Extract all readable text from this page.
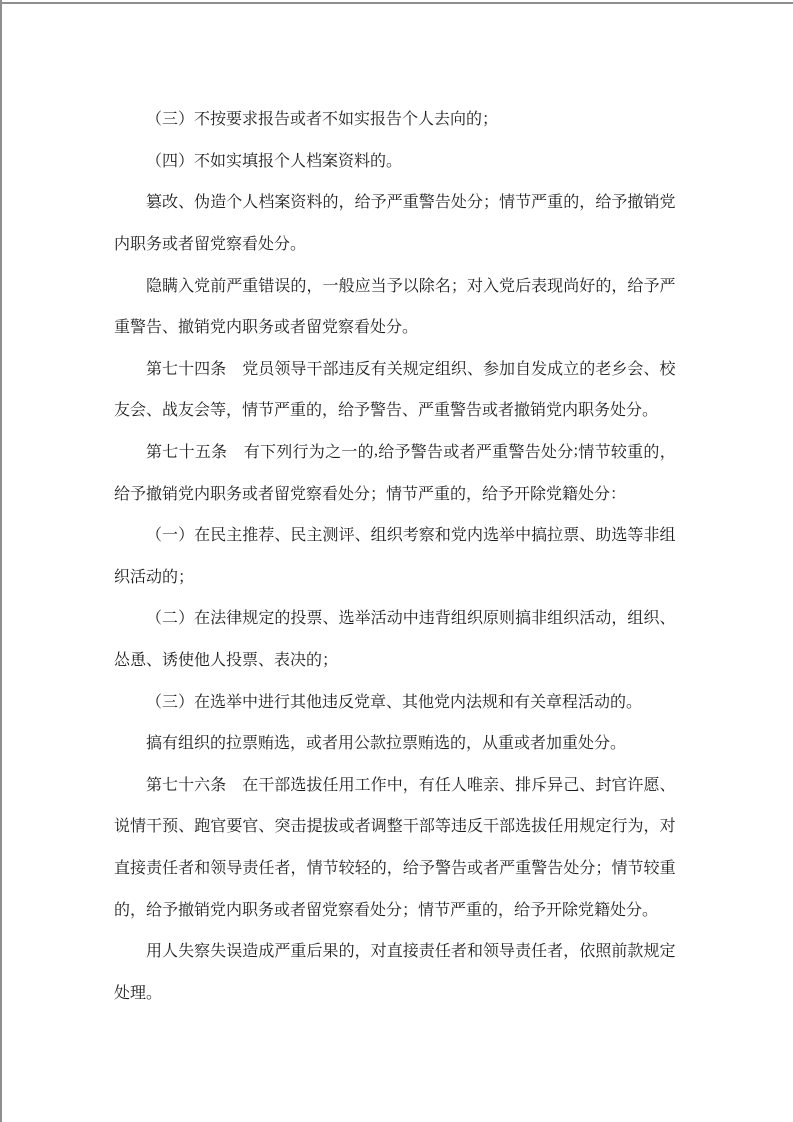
（三）不按要求报告或者不如实报告个人去向的；
（四）不如实填报个人档案资料的。
篡 改 、 伪 造 个 人 档 案 资 料 的 ， 给 予 严 重 警 告 处 分 ； 情 节 严 重 的 ， 给 予 撤 销 党
内职务或者留党察看处分。
隐 瞒 入 党 前 严 重 错 误 的 ， 一 般 应 当 予 以 除 名 ； 对 入 党 后 表 现 尚 好 的 ， 给 予 严
重警告、撤销党内职务或者留党察看处分。
第 七 十 四 条
　 党 员 领 导 干 部 违 反 有 关 规 定 组 织 、 参 加 自 发 成 立 的 老 乡 会 、 校
友会、战友会等，情节严重的，给予警告、严重警告或者撤销党内职务处分。
第 七 十 五 条
　 有 下 列 行 为 之 一 的 , 给 予 警 告 或 者 严 重 警 告 处 分 ; 情 节 较 重 的 ，
给予撤销党内职务或者留党察看处分；情节严重的，给予开除党籍处分：
（ 一 ） 在 民 主 推 荐 、 民 主 测 评 、 组 织 考 察 和 党 内 选 举 中 搞 拉 票 、 助 选 等 非 组
织活动的；
（ 二 ） 在 法 律 规 定 的 投 票 、 选 举 活 动 中 违 背 组 织 原 则 搞 非 组 织 活 动 ， 组 织 、
怂恿、诱使他人投票、表决的；
（三）在选举中进行其他违反党章、其他党内法规和有关章程活动的。
搞有组织的拉票贿选，或者用公款拉票贿选的，从重或者加重处分。
第 七 十 六 条
　 在 干 部 选 拔 任 用 工 作 中 ， 有 任 人 唯 亲 、 排 斥 异 己 、 封 官 许 愿 、
说 情 干 预 、 跑 官 要 官 、 突 击 提 拔 或 者 调 整 干 部 等 违 反 干 部 选 拔 任 用 规 定 行 为 ， 对
直 接 责 任 者 和 领 导 责 任 者 ， 情 节 较 轻 的 ， 给 予 警 告 或 者 严 重 警 告 处 分 ； 情 节 较 重
的，给予撤销党内职务或者留党察看处分；情节严重的，给予开除党籍处分。
用 人 失 察 失 误 造 成 严 重 后 果 的 ， 对 直 接 责 任 者 和 领 导 责 任 者 ， 依 照 前 款 规 定
处理。
